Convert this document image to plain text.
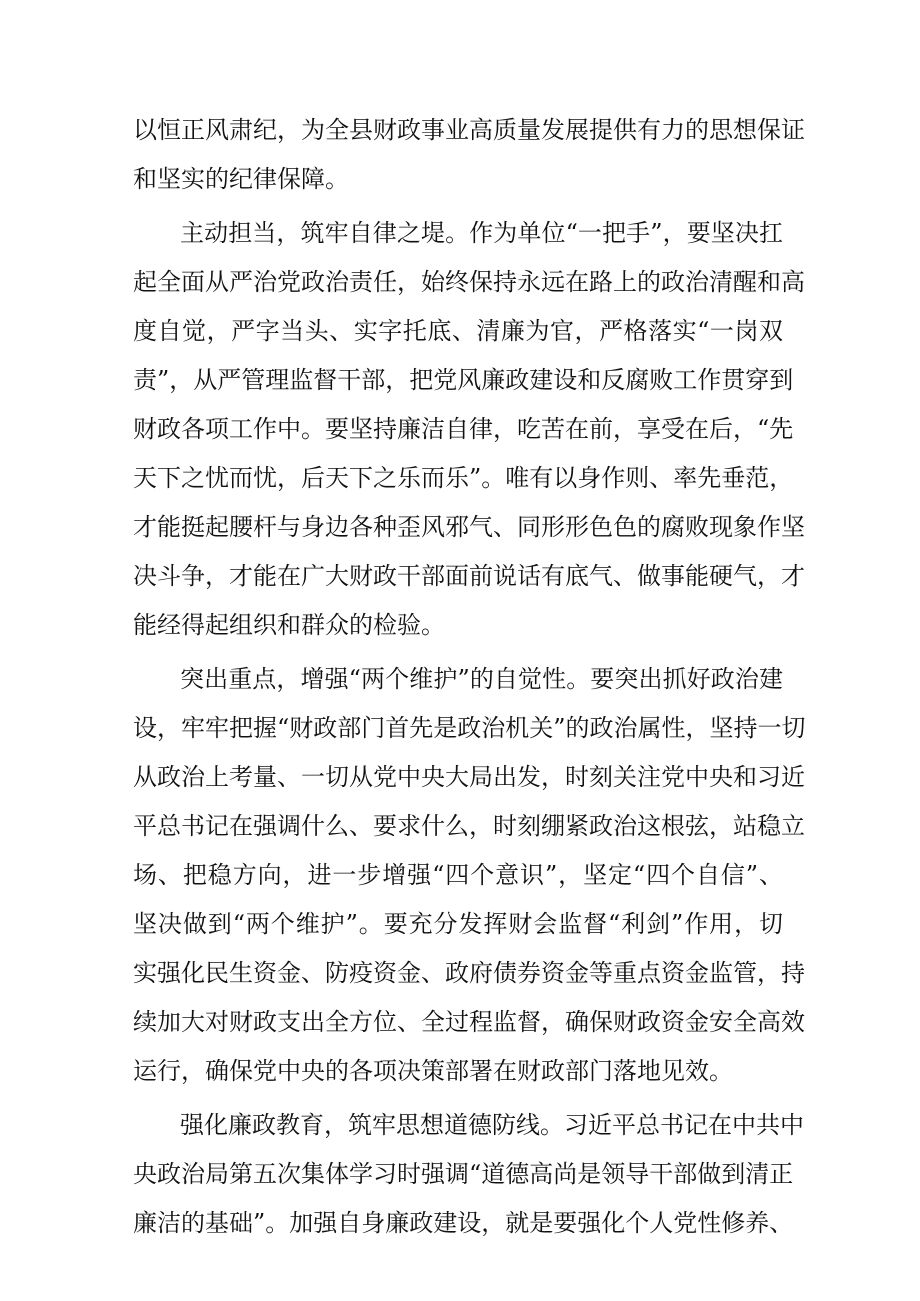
以恒正风肃纪，为全县财政事业高质量发展提供有力的思想保证
和坚实的纪律保障。
主动担当，筑牢自律之堤。作为单位“一把手”，要坚决扛
起全面从严治党政治责任，始终保持永远在路上的政治清醒和高
度自觉，严字当头、实字托底、清廉为官，严格落实“一岗双
责”，从严管理监督干部，把党风廉政建设和反腐败工作贯穿到
财政各项工作中。要坚持廉洁自律，吃苦在前，享受在后，“先
天下之忧而忧，后天下之乐而乐”。唯有以身作则、率先垂范，
才能挺起腰杆与身边各种歪风邪气、同形形色色的腐败现象作坚
决斗争，才能在广大财政干部面前说话有底气、做事能硬气，才
能经得起组织和群众的检验。
突出重点，增强“两个维护”的自觉性。要突出抓好政治建
设，牢牢把握“财政部门首先是政治机关”的政治属性，坚持一切
从政治上考量、一切从党中央大局出发，时刻关注党中央和习近
平总书记在强调什么、要求什么，时刻绷紧政治这根弦，站稳立
场、把稳方向，进一步增强“四个意识”，坚定“四个自信”、
坚决做到“两个维护”。要充分发挥财会监督“利剑”作用，切
实强化民生资金、防疫资金、政府债券资金等重点资金监管，持
续加大对财政支出全方位、全过程监督，确保财政资金安全高效
运行，确保党中央的各项决策部署在财政部门落地见效。
强化廉政教育，筑牢思想道德防线。习近平总书记在中共中
央政治局第五次集体学习时强调“道德高尚是领导干部做到清正
廉洁的基础”。加强自身廉政建设，就是要强化个人党性修养、
